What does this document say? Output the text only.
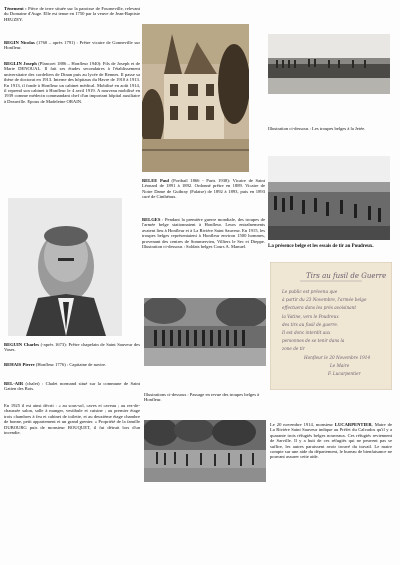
Tènement : Pièce de terre située sur la paroisse de Fourneville, relevant du Domaine d'Auge. Elle est tenue en 1750 par la veuve de Jean-Baptiste HEUZEY.

BEGIN Nicolas (1760 – après 1791) : Prêtre vicaire de Gonneville sur Honfleur.

BEGLIN Joseph (Plancoet 1886 – Honfleur 1940): Fils de Joseph et de Marie DENOUAL. Il fait ses études secondaires à l'établissement universitaire des cordeliers de Dinan puis au lycée de Rennes. Il passe sa thèse de doctorat en 1913. Interne des hôpitaux du Havre de 1910 à 1913. En 1913, il fonde à Honfleur un cabinet médical. Mobilisé en août 1914, il reprend son cabinet à Honfleur le 4 avril 1919. A nouveau mobilisé en 1939 comme médecin commandant chef d'un important hôpital auxiliaire à Deauville. Epoux de Madeleine ORAIN.

Illustration ci-dessous : Les troupes belges à la Jetée.

BELEE Paul (Portbail 1866 - Paris 1938): Vicaire de Saint Léonard de 1891 à 1892. Ordonné prêtre en 1889. Vicaire de Notre Dame de Guibray (Falaise) de 1892 à 1893, puis en 1893 curé de Cinthéaux.

BELGES : Pendant la première guerre mondiale, des troupes de l'armée belge stationnaient à Honfleur. Leurs entraînements avaient lieu à Honfleur et à La Rivière Saint Sauveur. En 1915, les troupes belges représentaient à Honfleur environ 1500 hommes, provenant des centres de Sommervieu, Villiers le Sec et Dieppe. Illustration ci-dessous : Soldats belges Cours A. Manuel.	La présence belge et les essais de tir au Poudreux.

Tirs au fusil de Guerre
Le public est prévenu que
à partir du 23 Novembre, l'armée belge
effectuera dans les prés avoisinant
la Vatine, vers le Poudreux
des tirs au fusil de guerre.
Il est donc interdit aux
personnes de se tenir dans la
zone de tir
Honfleur le 20 Novembre 1914
Le Maire
F. Lucarpentier

BEGUIN Charles (-après 1673): Prêtre chapelain de Saint Sauveur des Vases.

BEHAIS Pierre (Honfleur 1776) : Capitaine de navire.

BEL-AIR (chalet) : Chalet normand situé sur la commune de Saint Gatien des Bois.

En 1925 il est ainsi décrit : « au sous-sol, caves et caveau ; au rez-de-chaussée salon, salle à manger, vestibule et cuisine ; au premier étage trois chambres à feu et cabinet de toilette, et au deuxième étage chambre de bonne, petit appartement et un grand grenier. » Propriété de la famille DUBOURG puis de monsieur BOUQUET, il fut détruit lors d'un incendie.

Illustrations ci-dessous : Passage en revue des troupes belges à Honfleur.

Le 20 novembre 1914, monsieur LUCARPENTIER, Maire de La Rivière Saint Sauveur indique au Préfet du Calvados qu'il y a quarante trois réfugiés belges nouveaux. Ces réfugiés reviennent de Sarville. Il y a huit de ces réfugiés qui ne peuvent pas se suffire, les autres paraissent avoir trouvé du travail. Le maire compte sur une aide du département, le bureau de bienfaisance ne pouvant assurer cette aide.
